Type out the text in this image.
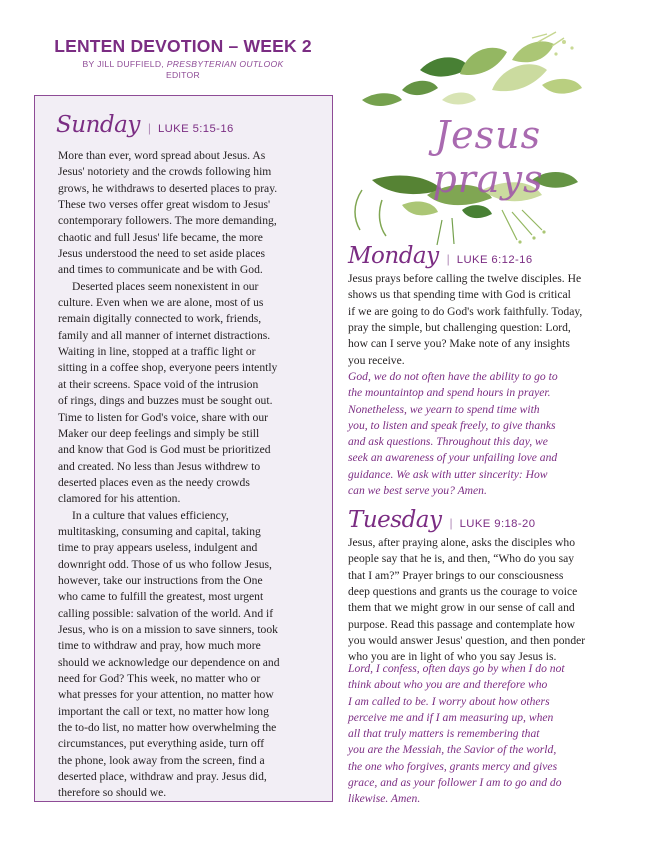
LENTEN DEVOTION – WEEK 2
BY JILL DUFFIELD, PRESBYTERIAN OUTLOOK
EDITOR
Sunday | LUKE 5:15-16
More than ever, word spread about Jesus. As
Jesus' notoriety and the crowds following him
grows, he withdraws to deserted places to pray.
These two verses offer great wisdom to Jesus'
contemporary followers. The more demanding,
chaotic and full Jesus' life became, the more
Jesus understood the need to set aside places
and times to communicate and be with God.
Deserted places seem nonexistent in our
culture. Even when we are alone, most of us
remain digitally connected to work, friends,
family and all manner of internet distractions.
Waiting in line, stopped at a traffic light or
sitting in a coffee shop, everyone peers intently
at their screens. Space void of the intrusion
of rings, dings and buzzes must be sought out.
Time to listen for God's voice, share with our
Maker our deep feelings and simply be still
and know that God is God must be prioritized
and created. No less than Jesus withdrew to
deserted places even as the needy crowds
clamored for his attention.
In a culture that values efficiency,
multitasking, consuming and capital, taking
time to pray appears useless, indulgent and
downright odd. Those of us who follow Jesus,
however, take our instructions from the One
who came to fulfill the greatest, most urgent
calling possible: salvation of the world. And if
Jesus, who is on a mission to save sinners, took
time to withdraw and pray, how much more
should we acknowledge our dependence on and
need for God? This week, no matter who or
what presses for your attention, no matter how
important the call or text, no matter how long
the to-do list, no matter how overwhelming the
circumstances, put everything aside, turn off
the phone, look away from the screen, find a
deserted place, withdraw and pray. Jesus did,
therefore so should we.
Jesus prays
Monday | LUKE 6:12-16
Jesus prays before calling the twelve disciples. He
shows us that spending time with God is critical
if we are going to do God's work faithfully. Today,
pray the simple, but challenging question: Lord,
how can I serve you? Make note of any insights
you receive.
God, we do not often have the ability to go to
the mountaintop and spend hours in prayer.
Nonetheless, we yearn to spend time with
you, to listen and speak freely, to give thanks
and ask questions. Throughout this day, we
seek an awareness of your unfailing love and
guidance. We ask with utter sincerity: How
can we best serve you? Amen.
Tuesday | LUKE 9:18-20
Jesus, after praying alone, asks the disciples who
people say that he is, and then, “Who do you say
that I am?” Prayer brings to our consciousness
deep questions and grants us the courage to voice
them that we might grow in our sense of call and
purpose. Read this passage and contemplate how
you would answer Jesus' question, and then ponder
who you are in light of who you say Jesus is.
Lord, I confess, often days go by when I do not
think about who you are and therefore who
I am called to be. I worry about how others
perceive me and if I am measuring up, when
all that truly matters is remembering that
you are the Messiah, the Savior of the world,
the one who forgives, grants mercy and gives
grace, and as your follower I am to go and do
likewise. Amen.
